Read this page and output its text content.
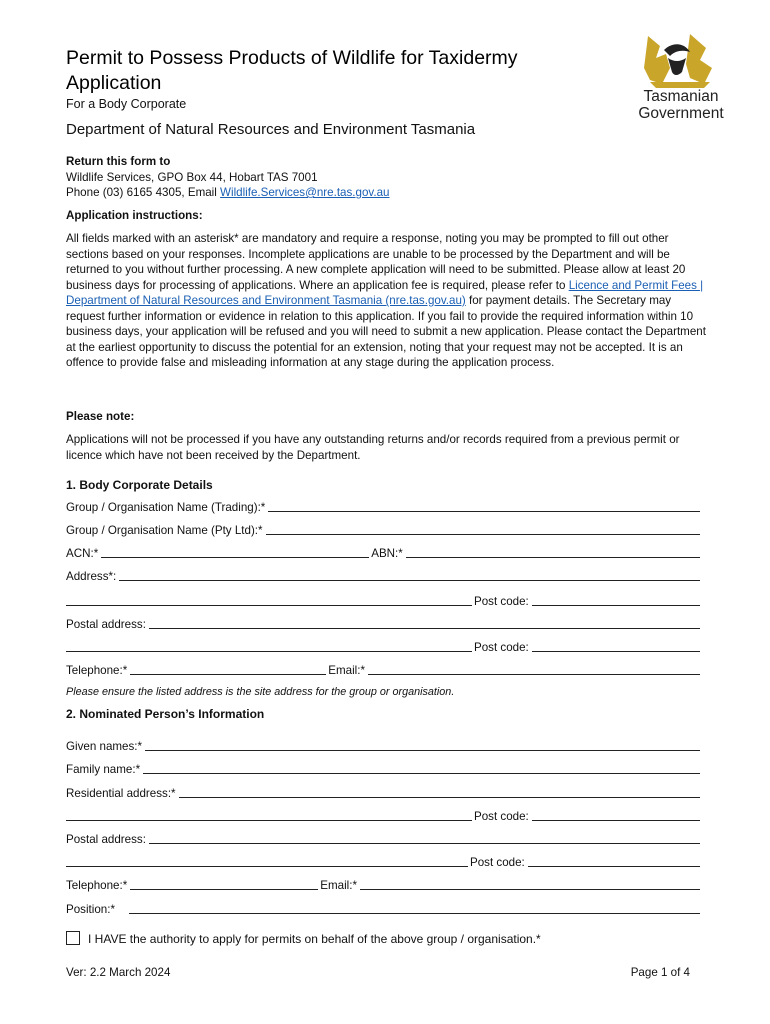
Permit to Possess Products of Wildlife for Taxidermy Application
For a Body Corporate
Department of Natural Resources and Environment Tasmania
Tasmanian
Government
Return this form to
Wildlife Services, GPO Box 44, Hobart TAS 7001
Phone (03) 6165 4305, Email Wildlife.Services@nre.tas.gov.au
Application instructions:
All fields marked with an asterisk* are mandatory and require a response, noting you may be prompted to fill out other sections based on your responses. Incomplete applications are unable to be processed by the Department and will be returned to you without further processing. A new complete application will need to be submitted. Please allow at least 20 business days for processing of applications. Where an application fee is required, please refer to Licence and Permit Fees | Department of Natural Resources and Environment Tasmania (nre.tas.gov.au) for payment details. The Secretary may request further information or evidence in relation to this application. If you fail to provide the required information within 10 business days, your application will be refused and you will need to submit a new application. Please contact the Department at the earliest opportunity to discuss the potential for an extension, noting that your request may not be accepted. It is an offence to provide false and misleading information at any stage during the application process.
Please note:
Applications will not be processed if you have any outstanding returns and/or records required from a previous permit or licence which have not been received by the Department.
1. Body Corporate Details
Group / Organisation Name (Trading):*
Group / Organisation Name (Pty Ltd):*
ACN:*	ABN:*
Address*:
Post code:
Postal address:
Post code:
Telephone:*	Email:*
Please ensure the listed address is the site address for the group or organisation.
2. Nominated Person’s Information
Given names:*
Family name:*
Residential address:*
Post code:
Postal address:
Post code:
Telephone:*	Email:*
Position:*
I HAVE the authority to apply for permits on behalf of the above group / organisation.*
Ver: 2.2 March 2024	Page 1 of 4
